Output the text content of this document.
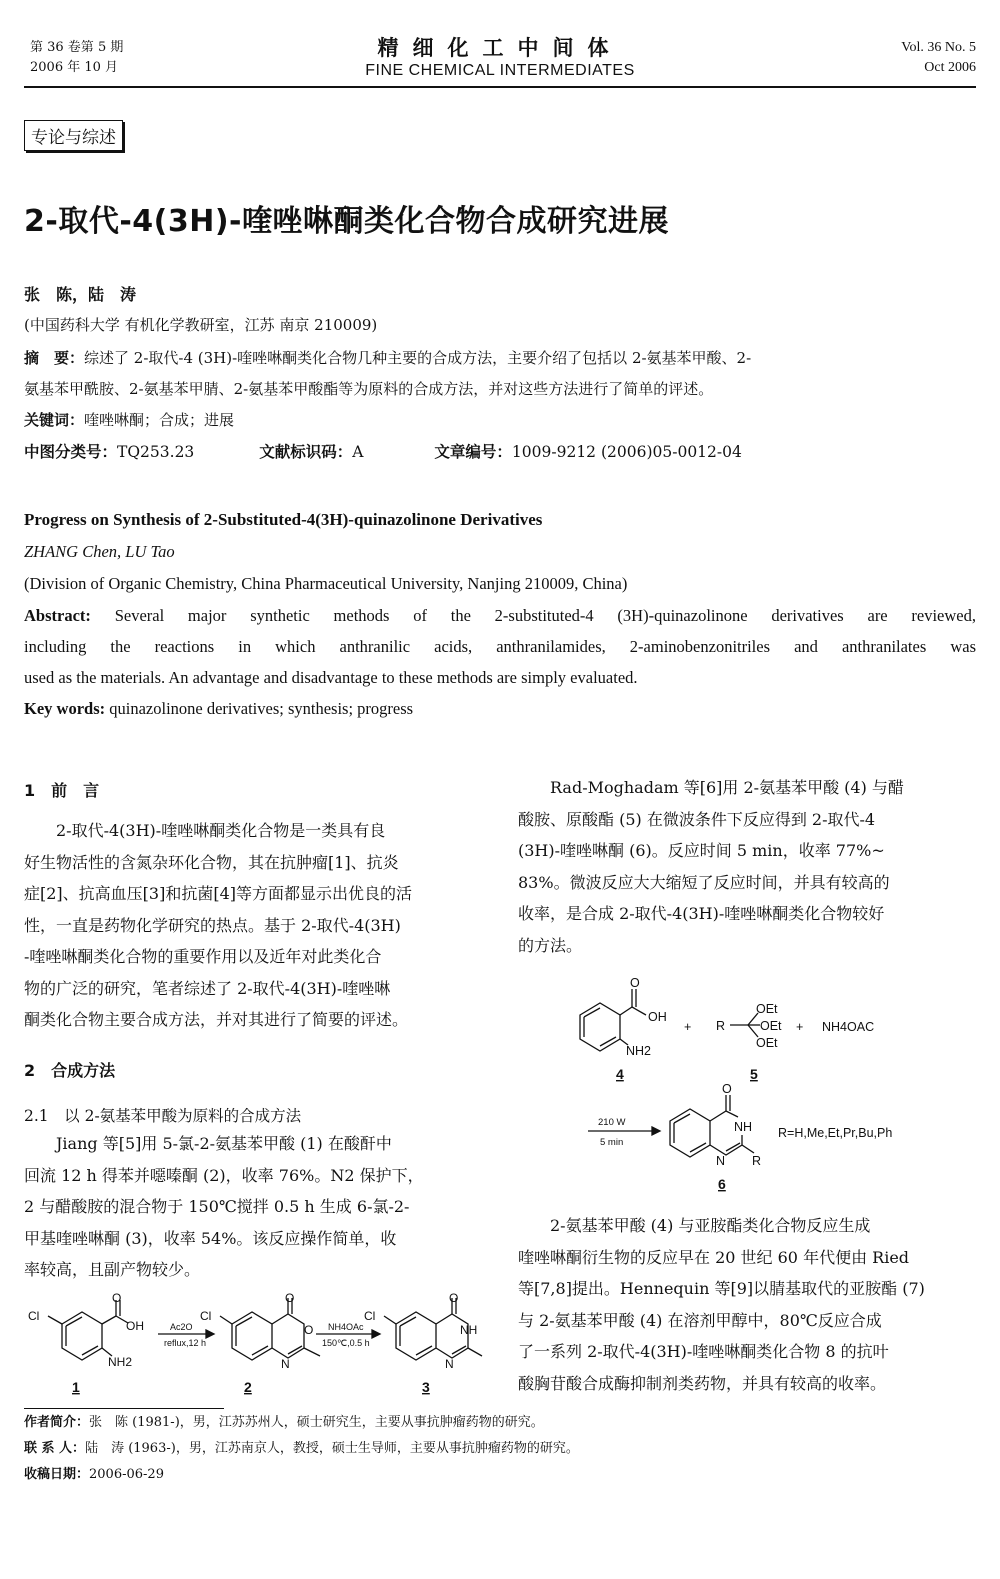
第 36 卷第 5 期
2006 年 10 月
精细化工中间体
FINE CHEMICAL INTERMEDIATES
Vol. 36 No. 5
Oct 2006
专论与综述
2-取代-4(3H)-喹唑啉酮类化合物合成研究进展
张　陈，陆　涛
(中国药科大学 有机化学教研室，江苏 南京 210009)
摘　要：综述了 2-取代-4 (3H)-喹唑啉酮类化合物几种主要的合成方法，主要介绍了包括以 2-氨基苯甲酸、2-
氨基苯甲酰胺、2-氨基苯甲腈、2-氨基苯甲酸酯等为原料的合成方法，并对这些方法进行了简单的评述。
关键词：喹唑啉酮；合成；进展
中图分类号：TQ253.23	文献标识码：A	文章编号：1009-9212 (2006)05-0012-04
Progress on Synthesis of 2-Substituted-4(3H)-quinazolinone Derivatives
ZHANG Chen, LU Tao
(Division of Organic Chemistry, China Pharmaceutical University, Nanjing 210009, China)
Abstract: Several major synthetic methods of the 2-substituted-4 (3H)-quinazolinone derivatives are reviewed,
including the reactions in which anthranilic acids, anthranilamides, 2-aminobenzonitriles and anthranilates was
used as the materials. An advantage and disadvantage to these methods are simply evaluated.
Key words: quinazolinone derivatives; synthesis; progress
1　前　言
2-取代-4(3H)-喹唑啉酮类化合物是一类具有良
好生物活性的含氮杂环化合物，其在抗肿瘤[1]、抗炎
症[2]、抗高血压[3]和抗菌[4]等方面都显示出优良的活
性，一直是药物化学研究的热点。基于 2-取代-4(3H)
-喹唑啉酮类化合物的重要作用以及近年对此类化合
物的广泛的研究，笔者综述了 2-取代-4(3H)-喹唑啉
酮类化合物主要合成方法，并对其进行了简要的评述。
2　合成方法
2.1　以 2-氨基苯甲酸为原料的合成方法
Jiang 等[5]用 5-氯-2-氨基苯甲酸 (1) 在酸酐中
回流 12 h 得苯并噁嗪酮 (2)，收率 76%。N2 保护下，
2 与醋酸胺的混合物于 150℃搅拌 0.5 h 生成 6-氯-2-
甲基喹唑啉酮 (3)，收率 54%。该反应操作简单，收
率较高，且副产物较少。
Cl
OH
O
NH2
Ac2O
reflux,12 h
Cl
O
O
N
NH4OAc
150℃,0.5 h
Cl
O
NH
N
1	2	3
Rad-Moghadam 等[6]用 2-氨基苯甲酸 (4) 与醋
酸胺、原酸酯 (5) 在微波条件下反应得到 2-取代-4
(3H)-喹唑啉酮 (6)。反应时间 5 min，收率 77%~
83%。微波反应大大缩短了反应时间，并具有较高的
收率，是合成 2-取代-4(3H)-喹唑啉酮类化合物较好
的方法。
O
OH
NH2
+ R
OEt
OEt
OEt
+ NH4OAC
210 W
5 min
O
NH
N R
R=H,Me,Et,Pr,Bu,Ph
4	5
6
2-氨基苯甲酸 (4) 与亚胺酯类化合物反应生成
喹唑啉酮衍生物的反应早在 20 世纪 60 年代便由 Ried
等[7,8]提出。Hennequin 等[9]以腈基取代的亚胺酯 (7)
与 2-氨基苯甲酸 (4) 在溶剂甲醇中，80℃反应合成
了一系列 2-取代-4(3H)-喹唑啉酮类化合物 8 的抗叶
酸胸苷酸合成酶抑制剂类药物，并具有较高的收率。
作者简介：张　陈 (1981-)，男，江苏苏州人，硕士研究生，主要从事抗肿瘤药物的研究。
联 系 人：陆　涛 (1963-)，男，江苏南京人，教授，硕士生导师，主要从事抗肿瘤药物的研究。
收稿日期：2006-06-29
